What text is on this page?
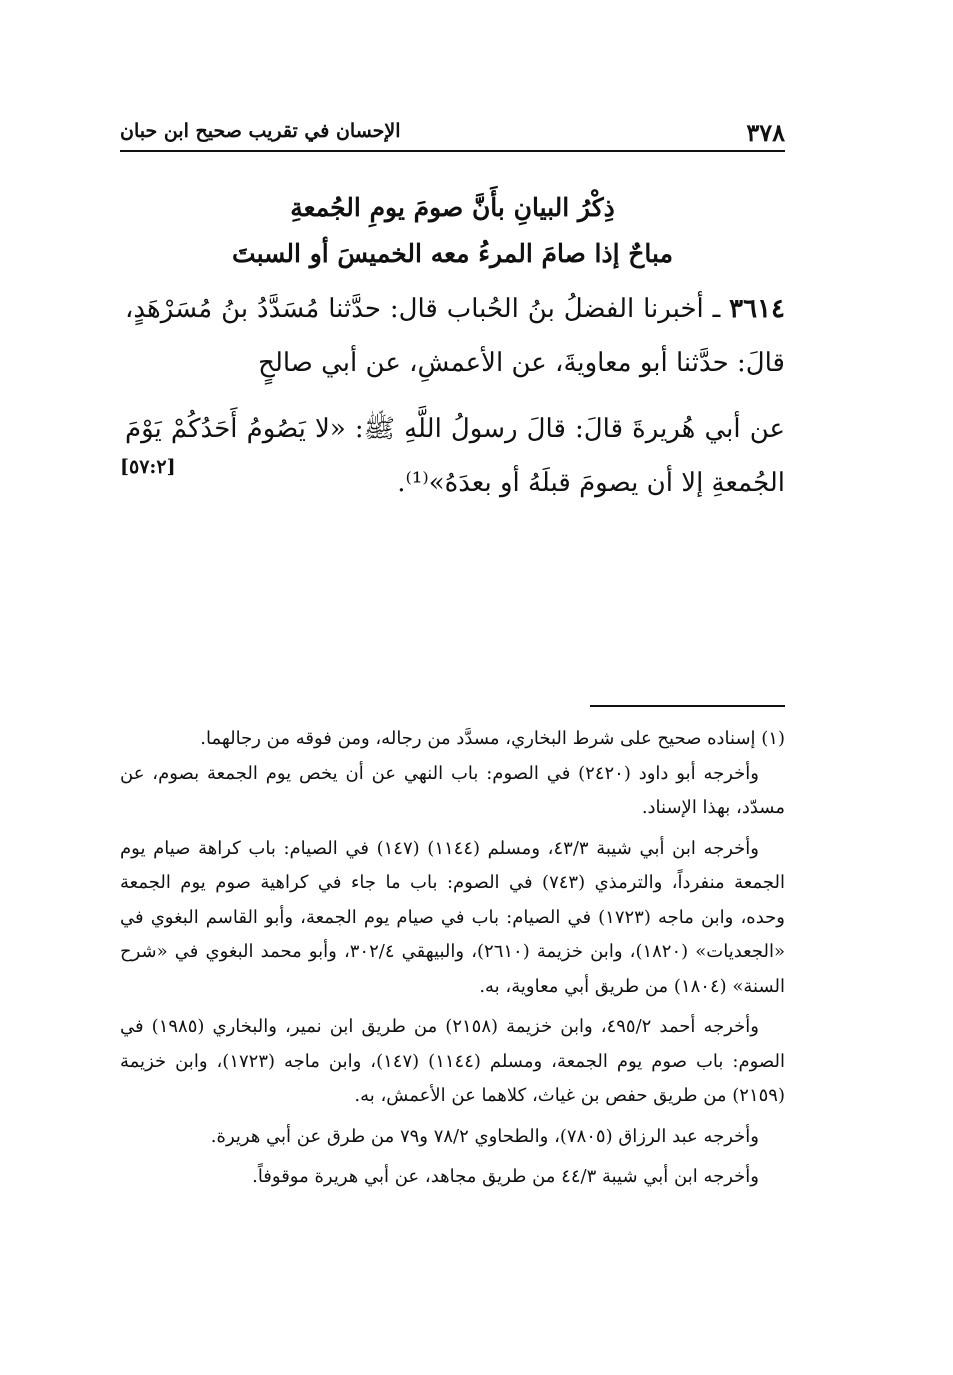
٣٧٨
الإحسان في تقريب صحيح ابن حبان
ذِكْرُ البيانِ بأَنَّ صومَ يومِ الجُمعةِ
مباحٌ إذا صامَ المرءُ معه الخميسَ أو السبتَ

٣٦١٤ ـ أخبرنا الفضلُ بنُ الحُباب قال: حدَّثنا مُسَدَّدُ بنُ مُسَرْهَدٍ، قالَ: حدَّثنا أبو معاويةَ، عن الأعمشِ، عن أبي صالحٍ

عن أبي هُريرةَ قالَ: قالَ رسولُ اللَّهِ ﷺ: «لا يَصُومُ أَحَدُكُمْ يَوْمَ الجُمعةِ إلا أن يصومَ قبلَهُ أو بعدَهُ»⁽¹⁾.

[٥٧:٢]

(١) إسناده صحيح على شرط البخاري، مسدَّد من رجاله، ومن فوقه من رجالهما.

وأخرجه أبو داود (٢٤٢٠) في الصوم: باب النهي عن أن يخص يوم الجمعة بصوم، عن مسدّد، بهذا الإسناد.

وأخرجه ابن أبي شيبة ٤٣/٣، ومسلم (١١٤٤) (١٤٧) في الصيام: باب كراهة صيام يوم الجمعة منفرداً، والترمذي (٧٤٣) في الصوم: باب ما جاء في كراهية صوم يوم الجمعة وحده، وابن ماجه (١٧٢٣) في الصيام: باب في صيام يوم الجمعة، وأبو القاسم البغوي في «الجعديات» (١٨٢٠)، وابن خزيمة (٢٦١٠)، والبيهقي ٣٠٢/٤، وأبو محمد البغوي في «شرح السنة» (١٨٠٤) من طريق أبي معاوية، به.

وأخرجه أحمد ٤٩٥/٢، وابن خزيمة (٢١٥٨) من طريق ابن نمير، والبخاري (١٩٨٥) في الصوم: باب صوم يوم الجمعة، ومسلم (١١٤٤) (١٤٧)، وابن ماجه (١٧٢٣)، وابن خزيمة (٢١٥٩) من طريق حفص بن غياث، كلاهما عن الأعمش، به.

وأخرجه عبد الرزاق (٧٨٠٥)، والطحاوي ٧٨/٢ و٧٩ من طرق عن أبي هريرة.

وأخرجه ابن أبي شيبة ٤٤/٣ من طريق مجاهد، عن أبي هريرة موقوفاً.
